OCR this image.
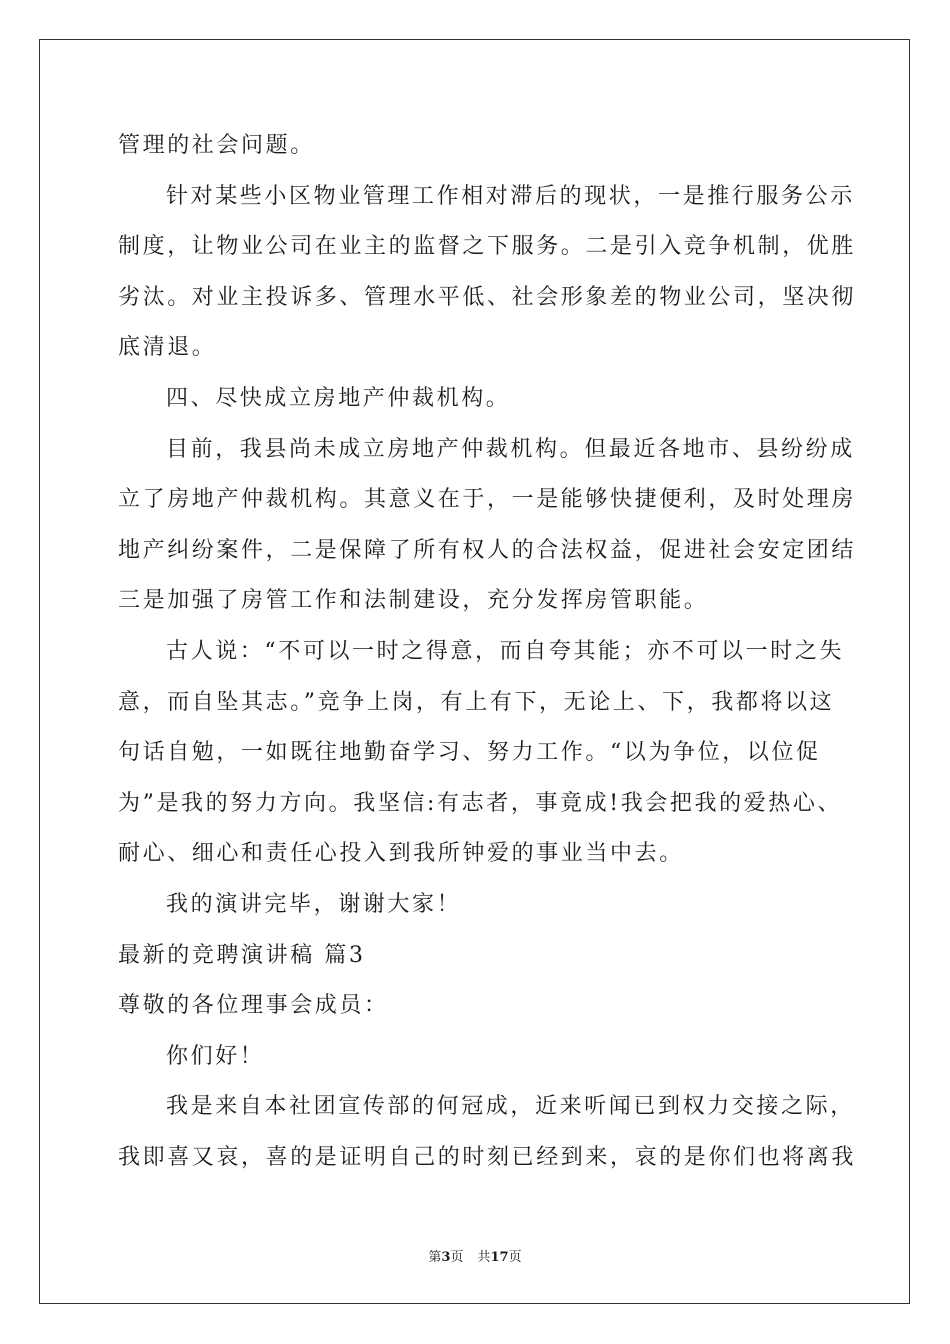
管理的社会问题。
针对某些小区物业管理工作相对滞后的现状，一是推行服务公示
制度，让物业公司在业主的监督之下服务。二是引入竞争机制，优胜
劣汰。对业主投诉多、管理水平低、社会形象差的物业公司，坚决彻
底清退。
四、尽快成立房地产仲裁机构。
目前，我县尚未成立房地产仲裁机构。但最近各地市、县纷纷成
立了房地产仲裁机构。其意义在于，一是能够快捷便利，及时处理房
地产纠纷案件，二是保障了所有权人的合法权益，促进社会安定团结
三是加强了房管工作和法制建设，充分发挥房管职能。
古人说：“不可以一时之得意，而自夸其能；亦不可以一时之失
意，而自坠其志。”竞争上岗，有上有下，无论上、下，我都将以这
句话自勉，一如既往地勤奋学习、努力工作。“以为争位，以位促
为”是我的努力方向。我坚信:有志者，事竟成!我会把我的爱热心、
耐心、细心和责任心投入到我所钟爱的事业当中去。
我的演讲完毕，谢谢大家！
最新的竞聘演讲稿 篇3
尊敬的各位理事会成员：
你们好！
我是来自本社团宣传部的何冠成，近来听闻已到权力交接之际，
我即喜又哀，喜的是证明自己的时刻已经到来，哀的是你们也将离我
第3页 共17页
